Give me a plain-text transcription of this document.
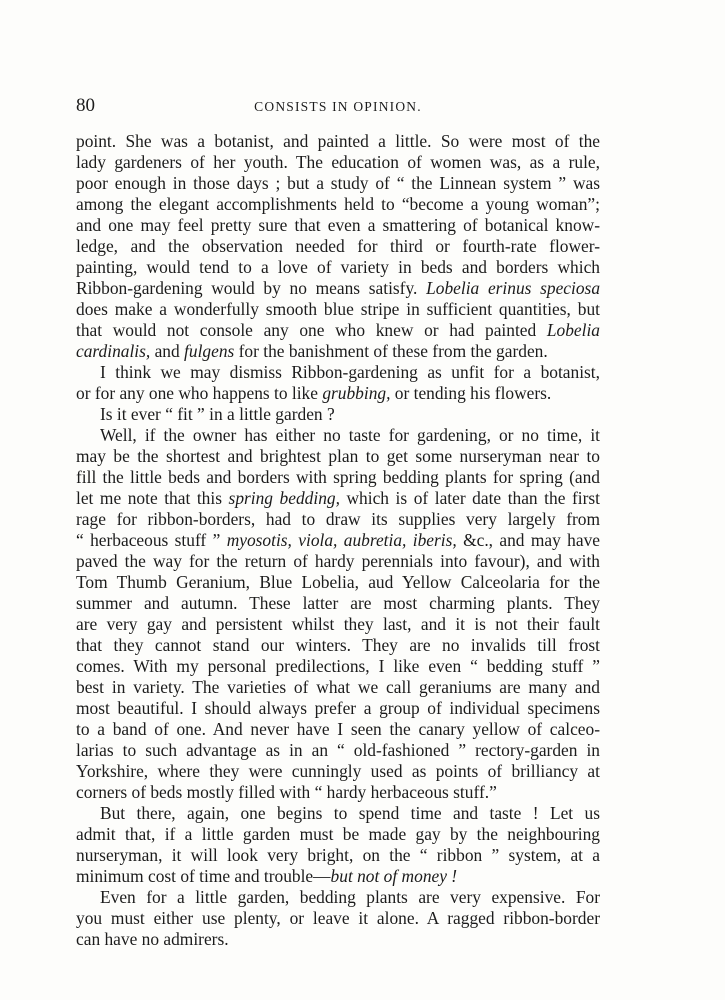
80	CONSISTS IN OPINION.
point. She was a botanist, and painted a little. So were most of the
lady gardeners of her youth. The education of women was, as a rule,
poor enough in those days ; but a study of “ the Linnean system ” was
among the elegant accomplishments held to “become a young woman”;
and one may feel pretty sure that even a smattering of botanical know-
ledge, and the observation needed for third or fourth-rate flower-
painting, would tend to a love of variety in beds and borders which
Ribbon-gardening would by no means satisfy. Lobelia erinus speciosa
does make a wonderfully smooth blue stripe in sufficient quantities, but
that would not console any one who knew or had painted Lobelia
cardinalis, and fulgens for the banishment of these from the garden.
I think we may dismiss Ribbon-gardening as unfit for a botanist,
or for any one who happens to like grubbing, or tending his flowers.
Is it ever “ fit ” in a little garden ?
Well, if the owner has either no taste for gardening, or no time, it
may be the shortest and brightest plan to get some nurseryman near to
fill the little beds and borders with spring bedding plants for spring (and
let me note that this spring bedding, which is of later date than the first
rage for ribbon-borders, had to draw its supplies very largely from
“ herbaceous stuff ” myosotis, viola, aubretia, iberis, &c., and may have
paved the way for the return of hardy perennials into favour), and with
Tom Thumb Geranium, Blue Lobelia, aud Yellow Calceolaria for the
summer and autumn. These latter are most charming plants. They
are very gay and persistent whilst they last, and it is not their fault
that they cannot stand our winters. They are no invalids till frost
comes. With my personal predilections, I like even “ bedding stuff ”
best in variety. The varieties of what we call geraniums are many and
most beautiful. I should always prefer a group of individual specimens
to a band of one. And never have I seen the canary yellow of calceo-
larias to such advantage as in an “ old-fashioned ” rectory-garden in
Yorkshire, where they were cunningly used as points of brilliancy at
corners of beds mostly filled with “ hardy herbaceous stuff.”
But there, again, one begins to spend time and taste ! Let us
admit that, if a little garden must be made gay by the neighbouring
nurseryman, it will look very bright, on the “ ribbon ” system, at a
minimum cost of time and trouble—but not of money !
Even for a little garden, bedding plants are very expensive. For
you must either use plenty, or leave it alone. A ragged ribbon-border
can have no admirers.
